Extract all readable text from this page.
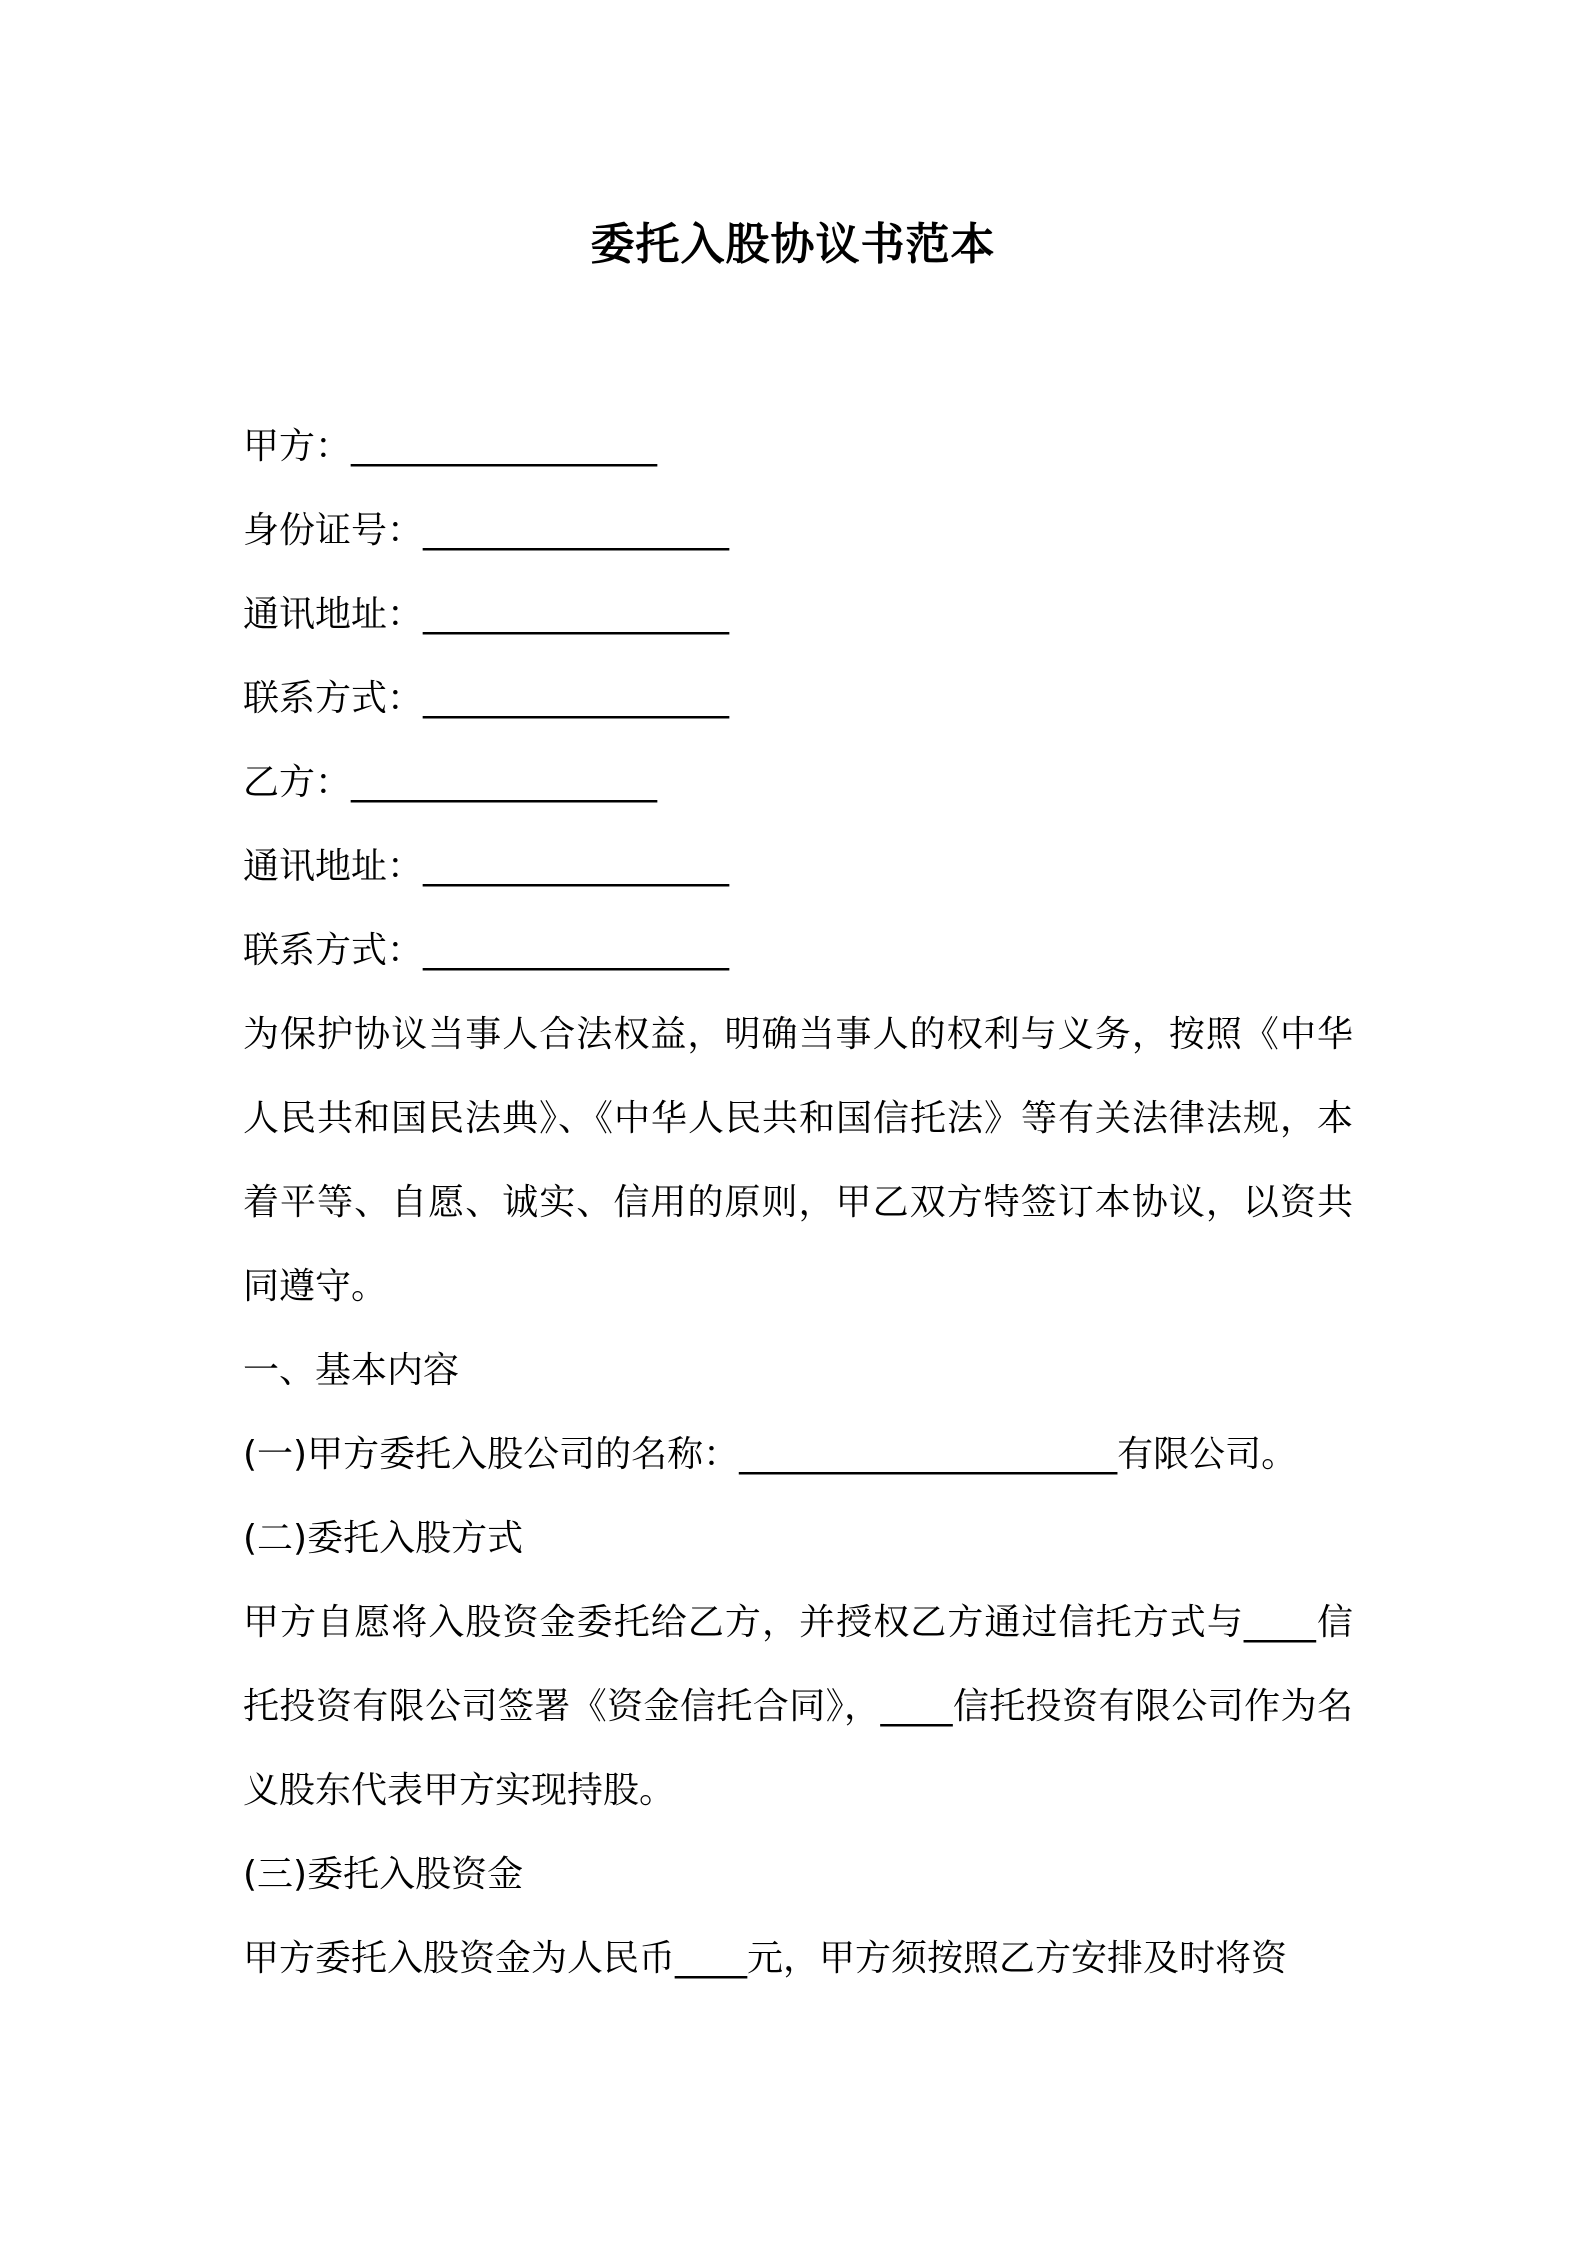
委托入股协议书范本
甲方：_________________
身份证号：_________________
通讯地址：_________________
联系方式：_________________
乙方：_________________
通讯地址：_________________
联系方式：_________________
为保护协议当事人合法权益，明确当事人的权利与义务，按照《中华人民共和国民法典》、《中华人民共和国信托法》等有关法律法规，本着平等、自愿、诚实、信用的原则，甲乙双方特签订本协议，以资共同遵守。
一、基本内容
(一)甲方委托入股公司的名称：_____________________有限公司。
(二)委托入股方式
甲方自愿将入股资金委托给乙方，并授权乙方通过信托方式与____信托投资有限公司签署《资金信托合同》，____信托投资有限公司作为名义股东代表甲方实现持股。
(三)委托入股资金
甲方委托入股资金为人民币____元，甲方须按照乙方安排及时将资
